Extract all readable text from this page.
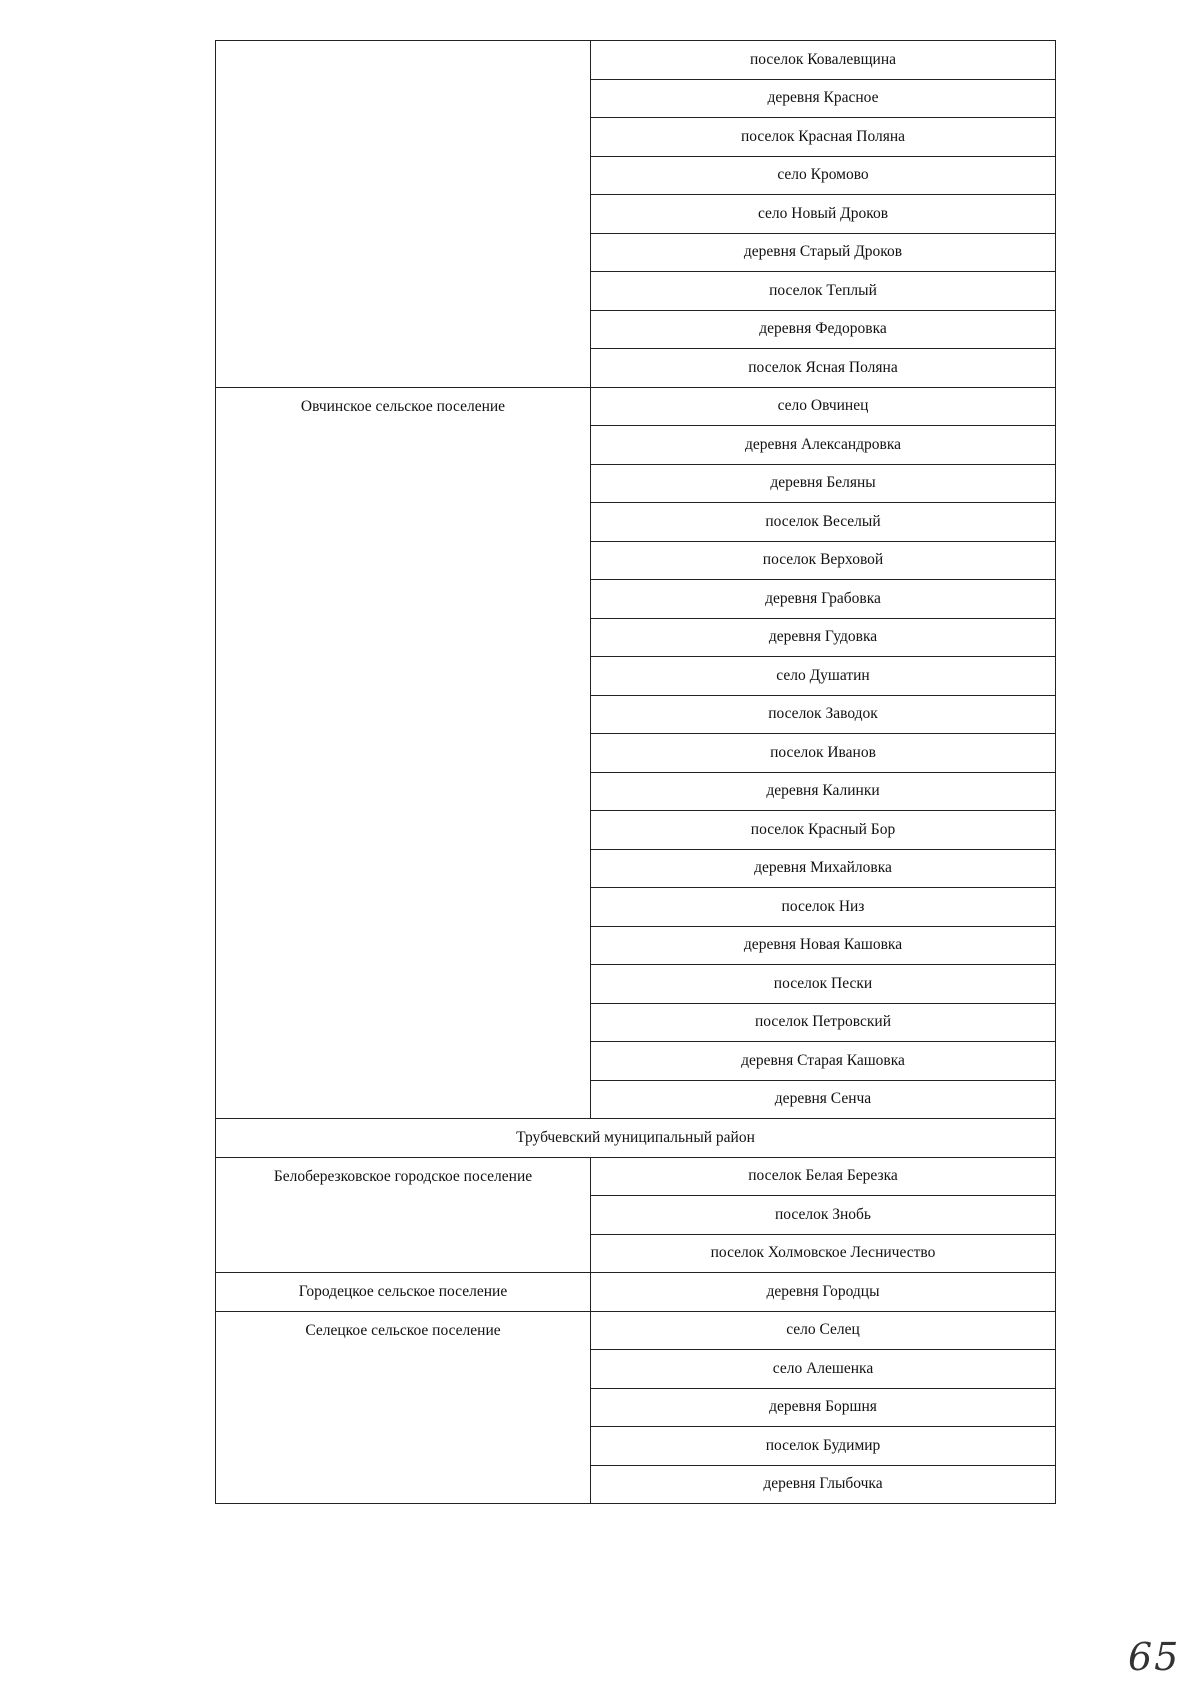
	поселок Ковалевщина
	деревня Красное
	поселок Красная Поляна
	село Кромово
	село Новый Дроков
	деревня Старый Дроков
	поселок Теплый
	деревня Федоровка
	поселок Ясная Поляна
Овчинское сельское поселение	село Овчинец
	деревня Александровка
	деревня Беляны
	поселок Веселый
	поселок Верховой
	деревня Грабовка
	деревня Гудовка
	село Душатин
	поселок Заводок
	поселок Иванов
	деревня Калинки
	поселок Красный Бор
	деревня Михайловка
	поселок Низ
	деревня Новая Кашовка
	поселок Пески
	поселок Петровский
	деревня Старая Кашовка
	деревня Сенча
Трубчевский муниципальный район	
Белоберезковское городское поселение	поселок Белая Березка
	поселок Знобь
	поселок Холмовское Лесничество
Городецкое сельское поселение	деревня Городцы
Селецкое сельское поселение	село Селец
	село Алешенка
	деревня Боршня
	поселок Будимир
	деревня Глыбочка
65
